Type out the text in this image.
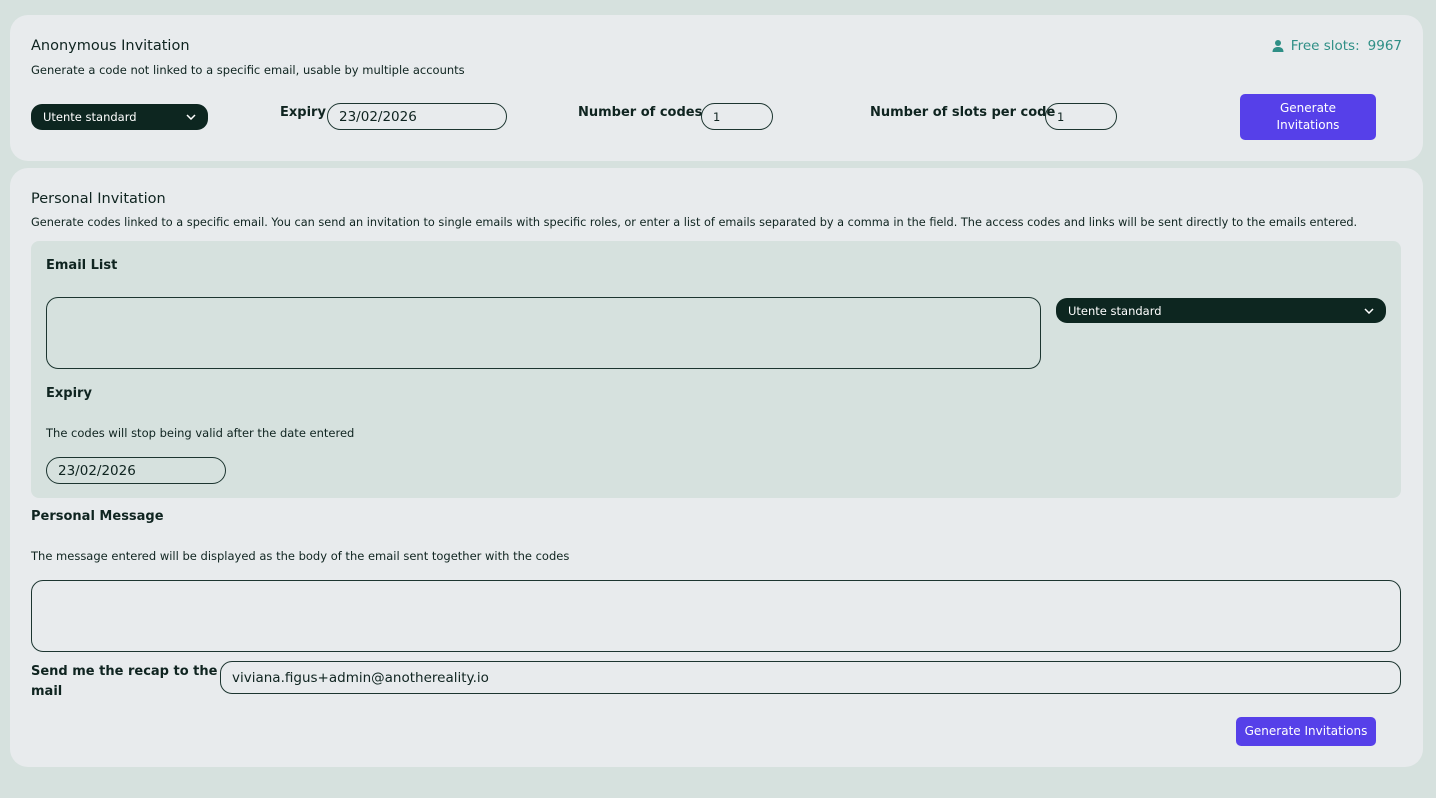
Anonymous Invitation
Generate a code not linked to a specific email, usable by multiple accounts
Free slots: 9967
Utente standard	Expiry 23/02/2026	Number of codes 1	Number of slots per code 1
Generate
Invitations
Personal Invitation
Generate codes linked to a specific email. You can send an invitation to single emails with specific roles, or enter a list of emails separated by a comma in the field. The access codes and links will be sent directly to the emails entered.
Email List
Utente standard
Expiry
The codes will stop being valid after the date entered
23/02/2026
Personal Message
The message entered will be displayed as the body of the email sent together with the codes
Send me the recap to the
mail
viviana.figus+admin@anothereality.io
Generate Invitations
